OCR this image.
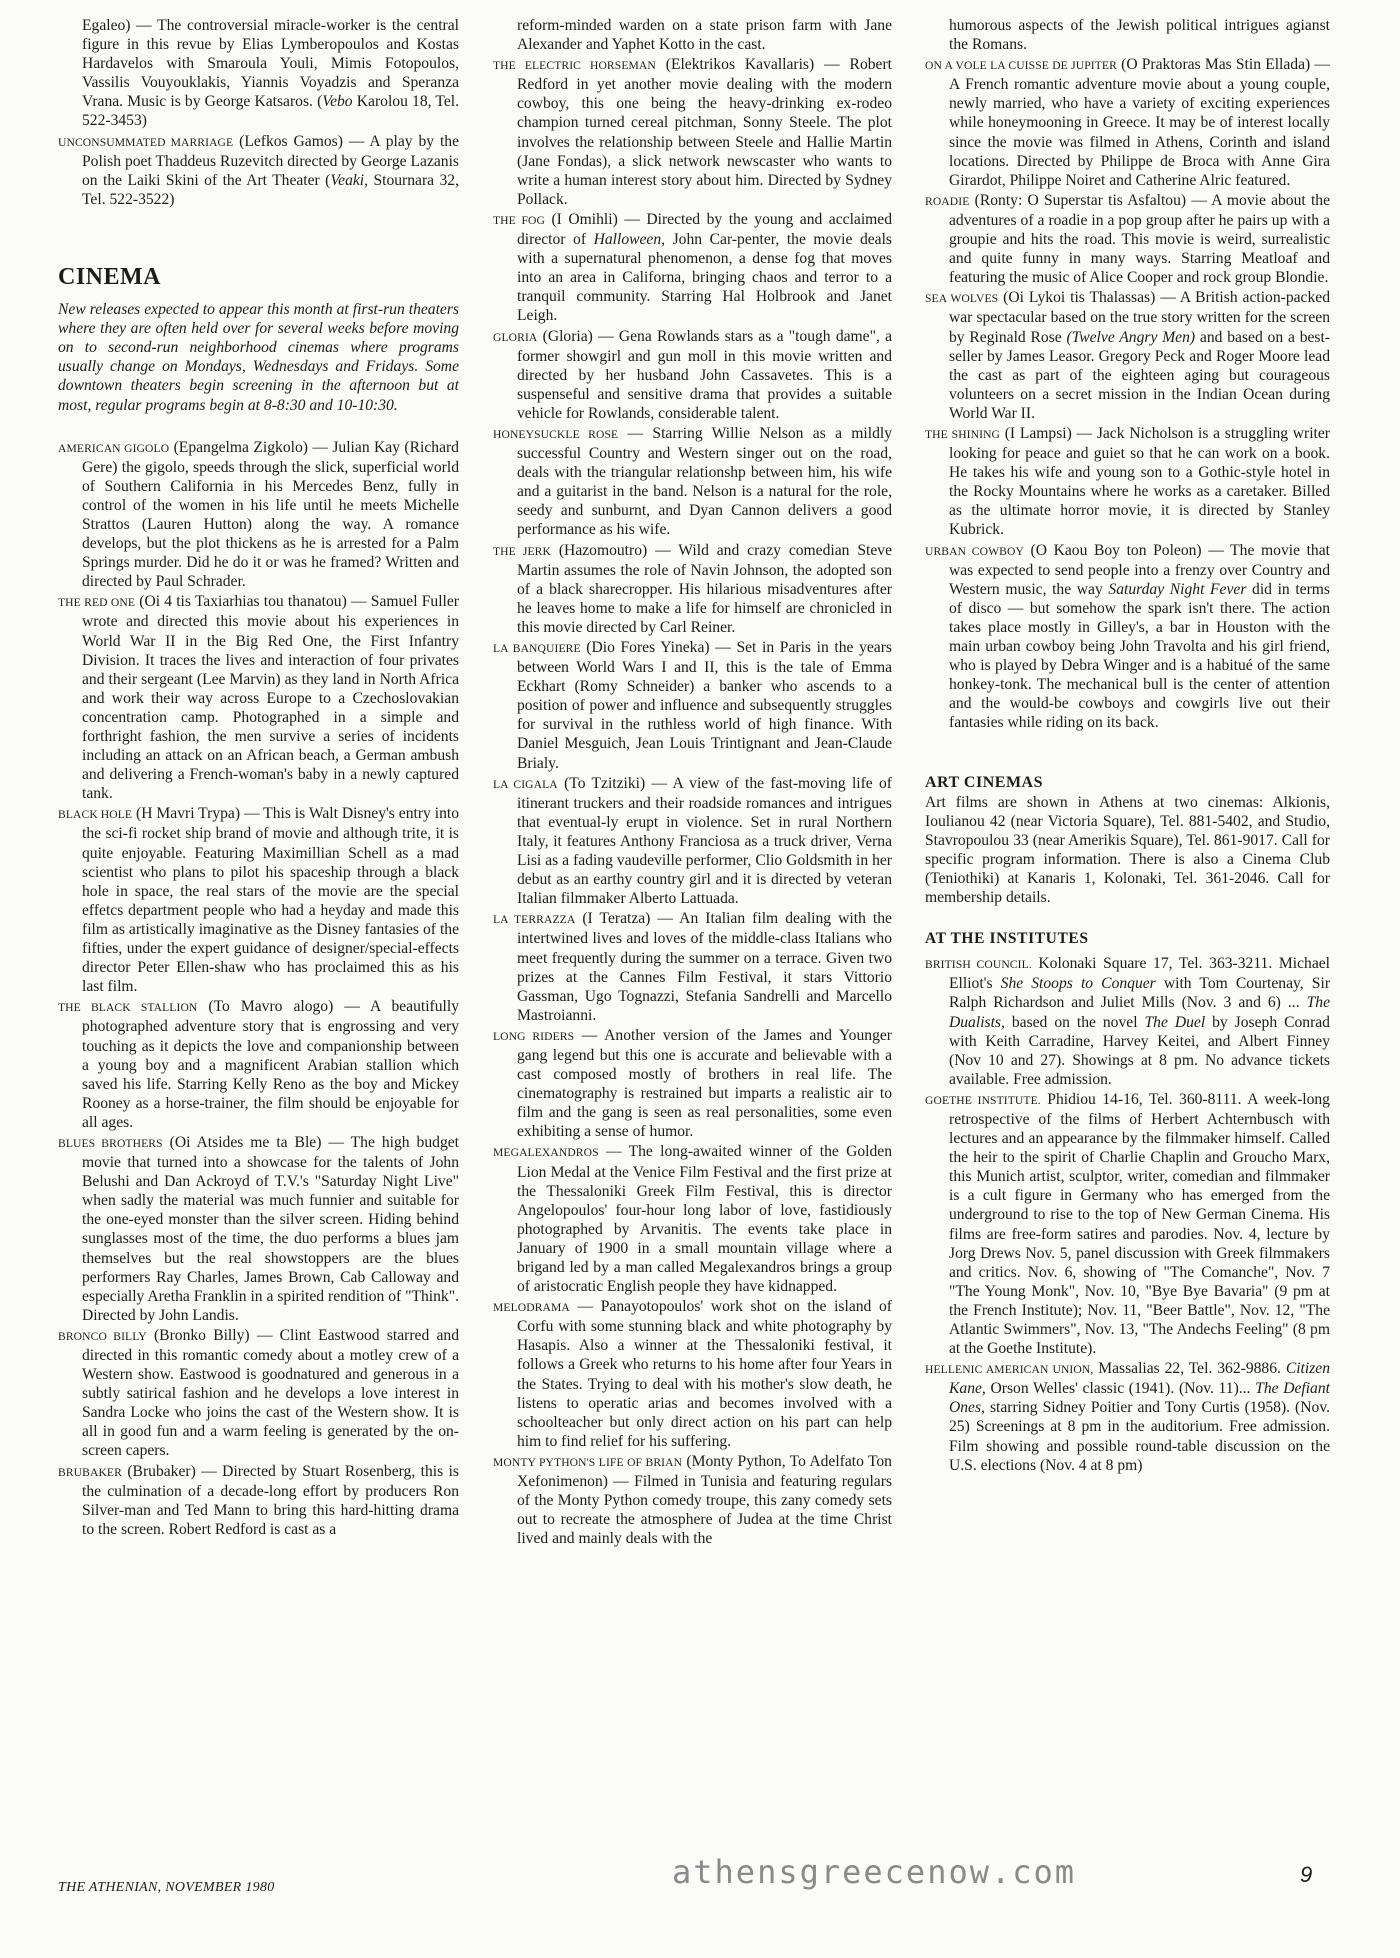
Egaleo) — The controversial miracle-worker is the central figure in this revue by Elias Lymberopoulos and Kostas Hardavelos with Smaroula Youli, Mimis Fotopoulos, Vassilis Vouyouklakis, Yiannis Voyadzis and Speranza Vrana. Music is by George Katsaros. (Vebo Karolou 18, Tel. 522-3453)

UNCONSUMMATED MARRIAGE (Lefkos Gamos) — A play by the Polish poet Thaddeus Ruzevitch directed by George Lazanis on the Laiki Skini of the Art Theater (Veaki, Stournara 32, Tel. 522-3522)

CINEMA

New releases expected to appear this month at first-run theaters where they are often held over for several weeks before moving on to second-run neighborhood cinemas where programs usually change on Mondays, Wednesdays and Fridays. Some downtown theaters begin screening in the afternoon but at most, regular programs begin at 8-8:30 and 10-10:30.

AMERICAN GIGOLO (Epangelma Zigkolo) — Julian Kay (Richard Gere) the gigolo, speeds through the slick, superficial world of Southern California in his Mercedes Benz, fully in control of the women in his life until he meets Michelle Strattos (Lauren Hutton) along the way. A romance develops, but the plot thickens as he is arrested for a Palm Springs murder. Did he do it or was he framed? Written and directed by Paul Schrader.

THE RED ONE (Oi 4 tis Taxiarhias tou thanatou) — Samuel Fuller wrote and directed this movie about his experiences in World War II in the Big Red One, the First Infantry Division. It traces the lives and interaction of four privates and their sergeant (Lee Marvin) as they land in North Africa and work their way across Europe to a Czechoslovakian concentration camp. Photographed in a simple and forthright fashion, the men survive a series of incidents including an attack on an African beach, a German ambush and delivering a French-woman's baby in a newly captured tank.

BLACK HOLE (H Mavri Trypa) — This is Walt Disney's entry into the sci-fi rocket ship brand of movie and although trite, it is quite enjoyable. Featuring Maximillian Schell as a mad scientist who plans to pilot his spaceship through a black hole in space, the real stars of the movie are the special effetcs department people who had a heyday and made this film as artistically imaginative as the Disney fantasies of the fifties, under the expert guidance of designer/special-effects director Peter Ellen-shaw who has proclaimed this as his last film.

THE BLACK STALLION (To Mavro alogo) — A beautifully photographed adventure story that is engrossing and very touching as it depicts the love and companionship between a young boy and a magnificent Arabian stallion which saved his life. Starring Kelly Reno as the boy and Mickey Rooney as a horse-trainer, the film should be enjoyable for all ages.

BLUES BROTHERS (Oi Atsides me ta Ble) — The high budget movie that turned into a showcase for the talents of John Belushi and Dan Ackroyd of T.V.'s "Saturday Night Live" when sadly the material was much funnier and suitable for the one-eyed monster than the silver screen. Hiding behind sunglasses most of the time, the duo performs a blues jam themselves but the real showstoppers are the blues performers Ray Charles, James Brown, Cab Calloway and especially Aretha Franklin in a spirited rendition of "Think". Directed by John Landis.

BRONCO BILLY (Bronko Billy) — Clint Eastwood starred and directed in this romantic comedy about a motley crew of a Western show. Eastwood is goodnatured and generous in a subtly satirical fashion and he develops a love interest in Sandra Locke who joins the cast of the Western show. It is all in good fun and a warm feeling is generated by the on-screen capers.

BRUBAKER (Brubaker) — Directed by Stuart Rosenberg, this is the culmination of a decade-long effort by producers Ron Silver-man and Ted Mann to bring this hard-hitting drama to the screen. Robert Redford is cast as a

reform-minded warden on a state prison farm with Jane Alexander and Yaphet Kotto in the cast.

THE ELECTRIC HORSEMAN (Elektrikos Kavallaris) — Robert Redford in yet another movie dealing with the modern cowboy, this one being the heavy-drinking ex-rodeo champion turned cereal pitchman, Sonny Steele. The plot involves the relationship between Steele and Hallie Martin (Jane Fondas), a slick network newscaster who wants to write a human interest story about him. Directed by Sydney Pollack.

THE FOG (I Omihli) — Directed by the young and acclaimed director of Halloween, John Car-penter, the movie deals with a supernatural phenomenon, a dense fog that moves into an area in Californa, bringing chaos and terror to a tranquil community. Starring Hal Holbrook and Janet Leigh.

GLORIA (Gloria) — Gena Rowlands stars as a "tough dame", a former showgirl and gun moll in this movie written and directed by her husband John Cassavetes. This is a suspenseful and sensitive drama that provides a suitable vehicle for Rowlands, considerable talent.

HONEYSUCKLE ROSE — Starring Willie Nelson as a mildly successful Country and Western singer out on the road, deals with the triangular relationshp between him, his wife and a guitarist in the band. Nelson is a natural for the role, seedy and sunburnt, and Dyan Cannon delivers a good performance as his wife.

THE JERK (Hazomoutro) — Wild and crazy comedian Steve Martin assumes the role of Navin Johnson, the adopted son of a black sharecropper. His hilarious misadventures after he leaves home to make a life for himself are chronicled in this movie directed by Carl Reiner.

LA BANQUIERE (Dio Fores Yineka) — Set in Paris in the years between World Wars I and II, this is the tale of Emma Eckhart (Romy Schneider) a banker who ascends to a position of power and influence and subsequently struggles for survival in the ruthless world of high finance. With Daniel Mesguich, Jean Louis Trintignant and Jean-Claude Brialy.

LA CIGALA (To Tzitziki) — A view of the fast-moving life of itinerant truckers and their roadside romances and intrigues that eventual-ly erupt in violence. Set in rural Northern Italy, it features Anthony Franciosa as a truck driver, Verna Lisi as a fading vaudeville performer, Clio Goldsmith in her debut as an earthy country girl and it is directed by veteran Italian filmmaker Alberto Lattuada.

LA TERRAZZA (I Teratza) — An Italian film dealing with the intertwined lives and loves of the middle-class Italians who meet frequently during the summer on a terrace. Given two prizes at the Cannes Film Festival, it stars Vittorio Gassman, Ugo Tognazzi, Stefania Sandrelli and Marcello Mastroianni.

LONG RIDERS — Another version of the James and Younger gang legend but this one is accurate and believable with a cast composed mostly of brothers in real life. The cinematography is restrained but imparts a realistic air to film and the gang is seen as real personalities, some even exhibiting a sense of humor.

MEGALEXANDROS — The long-awaited winner of the Golden Lion Medal at the Venice Film Festival and the first prize at the Thessaloniki Greek Film Festival, this is director Angelopoulos' four-hour long labor of love, fastidiously photographed by Arvanitis. The events take place in January of 1900 in a small mountain village where a brigand led by a man called Megalexandros brings a group of aristocratic English people they have kidnapped.

MELODRAMA — Panayotopoulos' work shot on the island of Corfu with some stunning black and white photography by Hasapis. Also a winner at the Thessaloniki festival, it follows a Greek who returns to his home after four Years in the States. Trying to deal with his mother's slow death, he listens to operatic arias and becomes involved with a schoolteacher but only direct action on his part can help him to find relief for his suffering.

MONTY PYTHON'S LIFE OF BRIAN (Monty Python, To Adelfato Ton Xefonimenon) — Filmed in Tunisia and featuring regulars of the Monty Python comedy troupe, this zany comedy sets out to recreate the atmosphere of Judea at the time Christ lived and mainly deals with the

humorous aspects of the Jewish political intrigues agianst the Romans.

ON A VOLE LA CUISSE DE JUPITER (O Praktoras Mas Stin Ellada) — A French romantic adventure movie about a young couple, newly married, who have a variety of exciting experiences while honeymooning in Greece. It may be of interest locally since the movie was filmed in Athens, Corinth and island locations. Directed by Philippe de Broca with Anne Gira Girardot, Philippe Noiret and Catherine Alric featured.

ROADIE (Ronty: O Superstar tis Asfaltou) — A movie about the adventures of a roadie in a pop group after he pairs up with a groupie and hits the road. This movie is weird, surrealistic and quite funny in many ways. Starring Meatloaf and featuring the music of Alice Cooper and rock group Blondie.

SEA WOLVES (Oi Lykoi tis Thalassas) — A British action-packed war spectacular based on the true story written for the screen by Reginald Rose (Twelve Angry Men) and based on a best-seller by James Leasor. Gregory Peck and Roger Moore lead the cast as part of the eighteen aging but courageous volunteers on a secret mission in the Indian Ocean during World War II.

THE SHINING (I Lampsi) — Jack Nicholson is a struggling writer looking for peace and guiet so that he can work on a book. He takes his wife and young son to a Gothic-style hotel in the Rocky Mountains where he works as a caretaker. Billed as the ultimate horror movie, it is directed by Stanley Kubrick.

URBAN COWBOY (O Kaou Boy ton Poleon) — The movie that was expected to send people into a frenzy over Country and Western music, the way Saturday Night Fever did in terms of disco — but somehow the spark isn't there. The action takes place mostly in Gilley's, a bar in Houston with the main urban cowboy being John Travolta and his girl friend, who is played by Debra Winger and is a habitué of the same honkey-tonk. The mechanical bull is the center of attention and the would-be cowboys and cowgirls live out their fantasies while riding on its back.

ART CINEMAS

Art films are shown in Athens at two cinemas: Alkionis, Ioulianou 42 (near Victoria Square), Tel. 881-5402, and Studio, Stavropoulou 33 (near Amerikis Square), Tel. 861-9017. Call for specific program information. There is also a Cinema Club (Teniothiki) at Kanaris 1, Kolonaki, Tel. 361-2046. Call for membership details.

AT THE INSTITUTES

BRITISH COUNCIL. Kolonaki Square 17, Tel. 363-3211. Michael Elliot's She Stoops to Conquer with Tom Courtenay, Sir Ralph Richardson and Juliet Mills (Nov. 3 and 6) ... The Dualists, based on the novel The Duel by Joseph Conrad with Keith Carradine, Harvey Keitei, and Albert Finney (Nov 10 and 27). Showings at 8 pm. No advance tickets available. Free admission.

GOETHE INSTITUTE. Phidiou 14-16, Tel. 360-8111. A week-long retrospective of the films of Herbert Achternbusch with lectures and an appearance by the filmmaker himself. Called the heir to the spirit of Charlie Chaplin and Groucho Marx, this Munich artist, sculptor, writer, comedian and filmmaker is a cult figure in Germany who has emerged from the underground to rise to the top of New German Cinema. His films are free-form satires and parodies. Nov. 4, lecture by Jorg Drews Nov. 5, panel discussion with Greek filmmakers and critics. Nov. 6, showing of "The Comanche", Nov. 7 "The Young Monk", Nov. 10, "Bye Bye Bavaria" (9 pm at the French Institute); Nov. 11, "Beer Battle", Nov. 12, "The Atlantic Swimmers", Nov. 13, "The Andechs Feeling" (8 pm at the Goethe Institute).

HELLENIC AMERICAN UNION, Massalias 22, Tel. 362-9886. Citizen Kane, Orson Welles' classic (1941). (Nov. 11)... The Defiant Ones, starring Sidney Poitier and Tony Curtis (1958). (Nov. 25) Screenings at 8 pm in the auditorium. Free admission. Film showing and possible round-table discussion on the U.S. elections (Nov. 4 at 8 pm)

THE ATHENIAN, NOVEMBER 1980	athensgreecenow.com	9
